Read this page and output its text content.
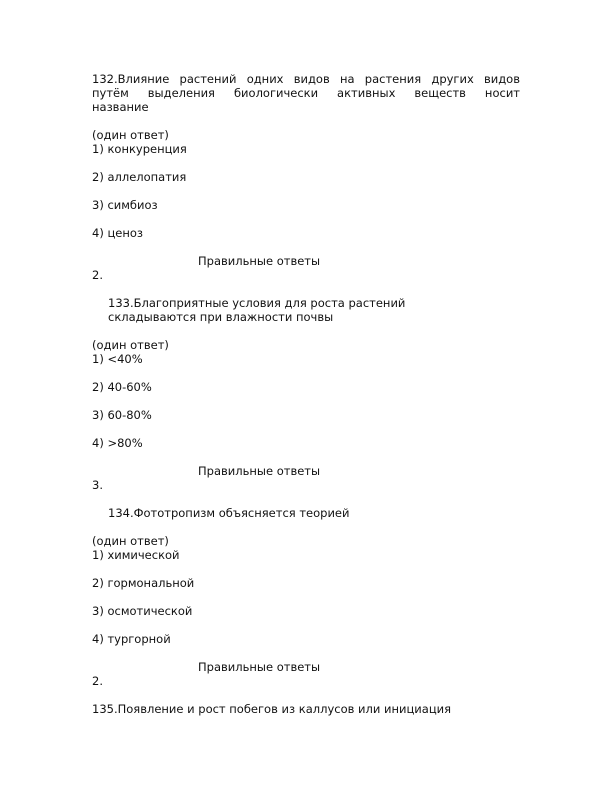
132.Влияние растений одних видов на растения других видов
путём выделения биологически активных веществ носит
название
(один ответ)
1) конкуренция
2) аллелопатия
3) симбиоз
4) ценоз
Правильные ответы
2.
133.Благоприятные условия для роста растений
складываются при влажности почвы
(один ответ)
1) <40%
2) 40-60%
3) 60-80%
4) >80%
Правильные ответы
3.
134.Фототропизм объясняется теорией
(один ответ)
1) химической
2) гормональной
3) осмотической
4) тургорной
Правильные ответы
2.
135.Появление и рост побегов из каллусов или инициация
